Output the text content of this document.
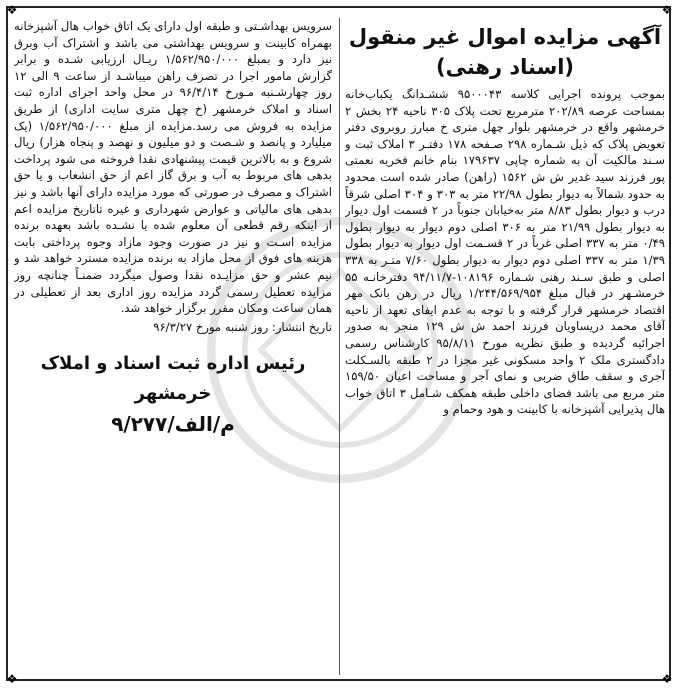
❖	❖
❖	❖
آگهی مزایده اموال غیر منقول
(اسناد رهنی)

بموجب پرونده اجرایی کلاسه ۹۵۰۰۰۴۳ ششـدانگ یکباب‌خانه بمساحت عرصه ۲۰۲/۸۹ مترمربع تحت پلاک ۳۰۵ ناحیه ۲۴ بخش ۲ خرمشهر واقع در خرمشهر بلوار چهل متری خ مبارز روبروی دفتر تعویض پلاک که ذیل شـماره ۲۹۸ صـفحه ۱۷۸ دفتـر ۳ املاک ثبت و سـند مالکیت آن به شماره چاپی ۱۷۹۶۳۷ بنام خانم فخریه نعمتی پور فرزند سید غدیر ش ش ۱۵۶۲ (راهن) صادر شده است محدود به حدود شمالاً به دیوار بطول ۲۲/۹۸ متر به ۳۰۳ و ۳۰۴ اصلی شرقاً درب و دیوار بطول ۸/۸۳ متر به‌خیابان جنوباً در ۲ قسمت اول دیوار به دیوار بطول ۲۱/۹۹ متر به ۳۰۶ اصلی دوم دیوار به دیوار بطول ۰/۴۹ متر به ۳۳۷ اصلی غرباً در ۲ قسـمت اول دیوار به دیوار بطول ۱/۳۹ متر به ۳۳۷ اصلی دوم دیوار به دیوار بطول ۷/۶۰ متـر به ۳۳۸ اصلی و طبق سـند رهنی شـماره ۱۰۸۱۹۶-۹۴/۱۱/۷ دفترخانـه ۵۵ خرمشـهر در قبال مبلغ ۱/۲۴۴/۵۶۹/۹۵۴ ریال در رهن بانک مهر اقتصاد خرمشهر قرار گرفته و با توجه به عدم ایفای تعهد از ناحیه آقای محمد دریساویان فرزند احمد ش ش ۱۲۹ منجر به صدور اجرائیه گردیده و طبق نظریه مورخ ۹۵/۸/۱۱ کارشناس رسمی دادگستری ملک ۲ واحد مسکونی غیر مجزا در ۲ طبقه بالسـکلت آجری و سقف طاق ضربی و نمای آجر و مساحت اعیان ۱۵۹/۵۰ متر مربع می باشد فضای داخلی طبقه همکف شـامل ۳ اتاق خواب هال پذیرایی آشپزخانه با کابینت و هود وحمام و

سرویس بهداشـتی و طبقه اول دارای یک اتاق خواب هال آشپزخانه بهمراه کابینت و سرویس بهداشتی می باشد و اشتراک آب وبرق نیز دارد و بمبلغ ۱/۵۶۲/۹۵۰/۰۰۰ ریـال ارزیابی شـده و برابر گزارش مامور اجرا در تصرف راهن میباشـد از ساعت ۹ الی ۱۲ روز چهارشـنبه مـورخ ۹۶/۴/۱۴ در محل واحد اجرای اداره ثبت اسناد و املاک خرمشهر (خ چهل متری سایت اداری) از طریق مزایده به فروش می رسد.مزایده از مبلغ ۱/۵۶۲/۹۵۰/۰۰۰ (یک میلیارد و پانصد و شـصت و دو میلیون و نهصد و پنجاه هزار) ریال شروع و به بالاترین قیمت پیشنهادی نقدا فروخته می شود پرداخت بدهی های مربوط به آب و برق گاز اعم از حق انشعاب و یا حق اشتراک و مصرف در صورتی که مورد مزایده دارای آنها باشد و نیز بدهی های مالیاتی و عوارض شهرداری و غیره تاتاریخ مزایده اعم از اینکه رقم قطعی آن معلوم شده یا نشـده باشد بعهده برنده مزایده اسـت و نیز در صورت وجود مازاد وجوه پرداختی بابت هزینه های فوق از محل مازاد به برنده مزایده مسترد خواهد شد و نیم عشر و حق مزایـده نقدا وصول میگردد ضمنـاً چنانچه روز مزایده تعطیل رسمی گردد مزایده روز اداری بعد از تعطیلی در همان ساعت ومکان مقرر برگزار خواهد شد.

تاریخ انتشار: روز شنبه مورخ ۹۶/۳/۲۷

رئیس اداره ثبت اسناد و املاک
خرمشهر
۹/۲۷۷/م/الف
